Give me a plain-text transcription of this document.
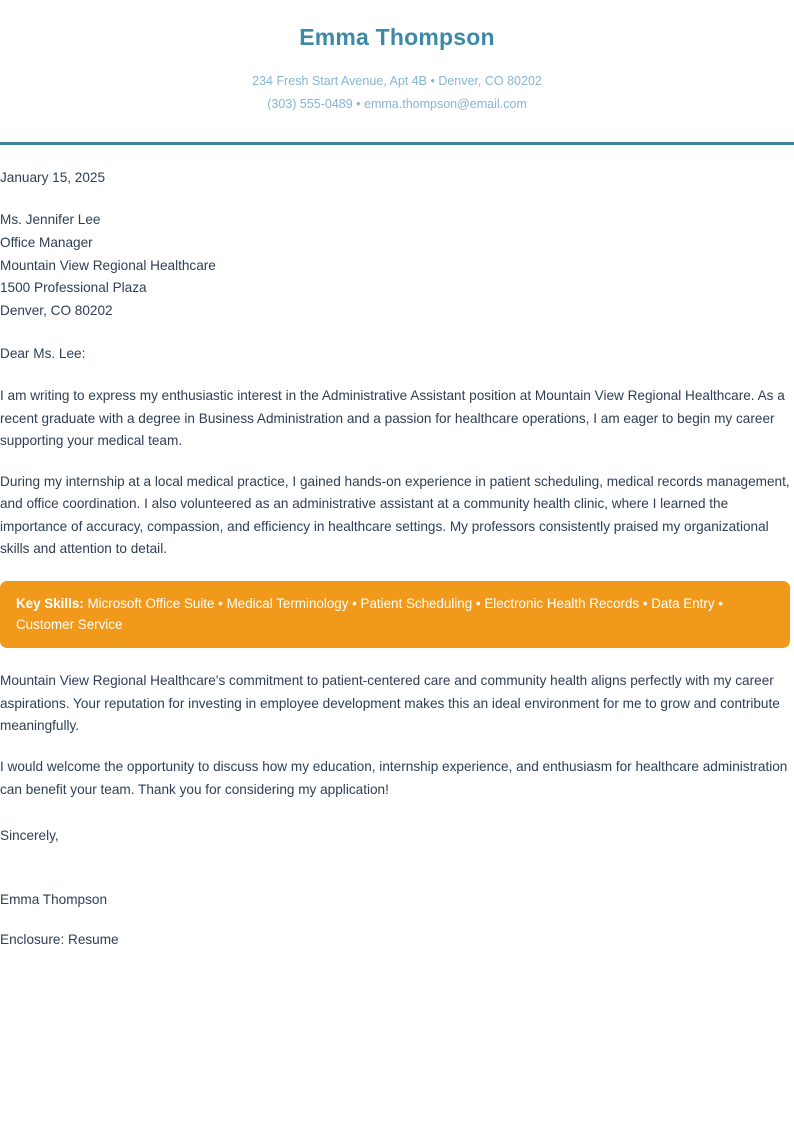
Emma Thompson
234 Fresh Start Avenue, Apt 4B • Denver, CO 80202
(303) 555-0489 • emma.thompson@email.com
January 15, 2025
Ms. Jennifer Lee
Office Manager
Mountain View Regional Healthcare
1500 Professional Plaza
Denver, CO 80202
Dear Ms. Lee:

I am writing to express my enthusiastic interest in the Administrative Assistant position at Mountain View Regional Healthcare. As a recent graduate with a degree in Business Administration and a passion for healthcare operations, I am eager to begin my career supporting your medical team.

During my internship at a local medical practice, I gained hands-on experience in patient scheduling, medical records management, and office coordination. I also volunteered as an administrative assistant at a community health clinic, where I learned the importance of accuracy, compassion, and efficiency in healthcare settings. My professors consistently praised my organizational skills and attention to detail.

Key Skills: Microsoft Office Suite • Medical Terminology • Patient Scheduling • Electronic Health Records • Data Entry • Customer Service

Mountain View Regional Healthcare's commitment to patient-centered care and community health aligns perfectly with my career aspirations. Your reputation for investing in employee development makes this an ideal environment for me to grow and contribute meaningfully.

I would welcome the opportunity to discuss how my education, internship experience, and enthusiasm for healthcare administration can benefit your team. Thank you for considering my application!

Sincerely,
Emma Thompson
Enclosure: Resume
